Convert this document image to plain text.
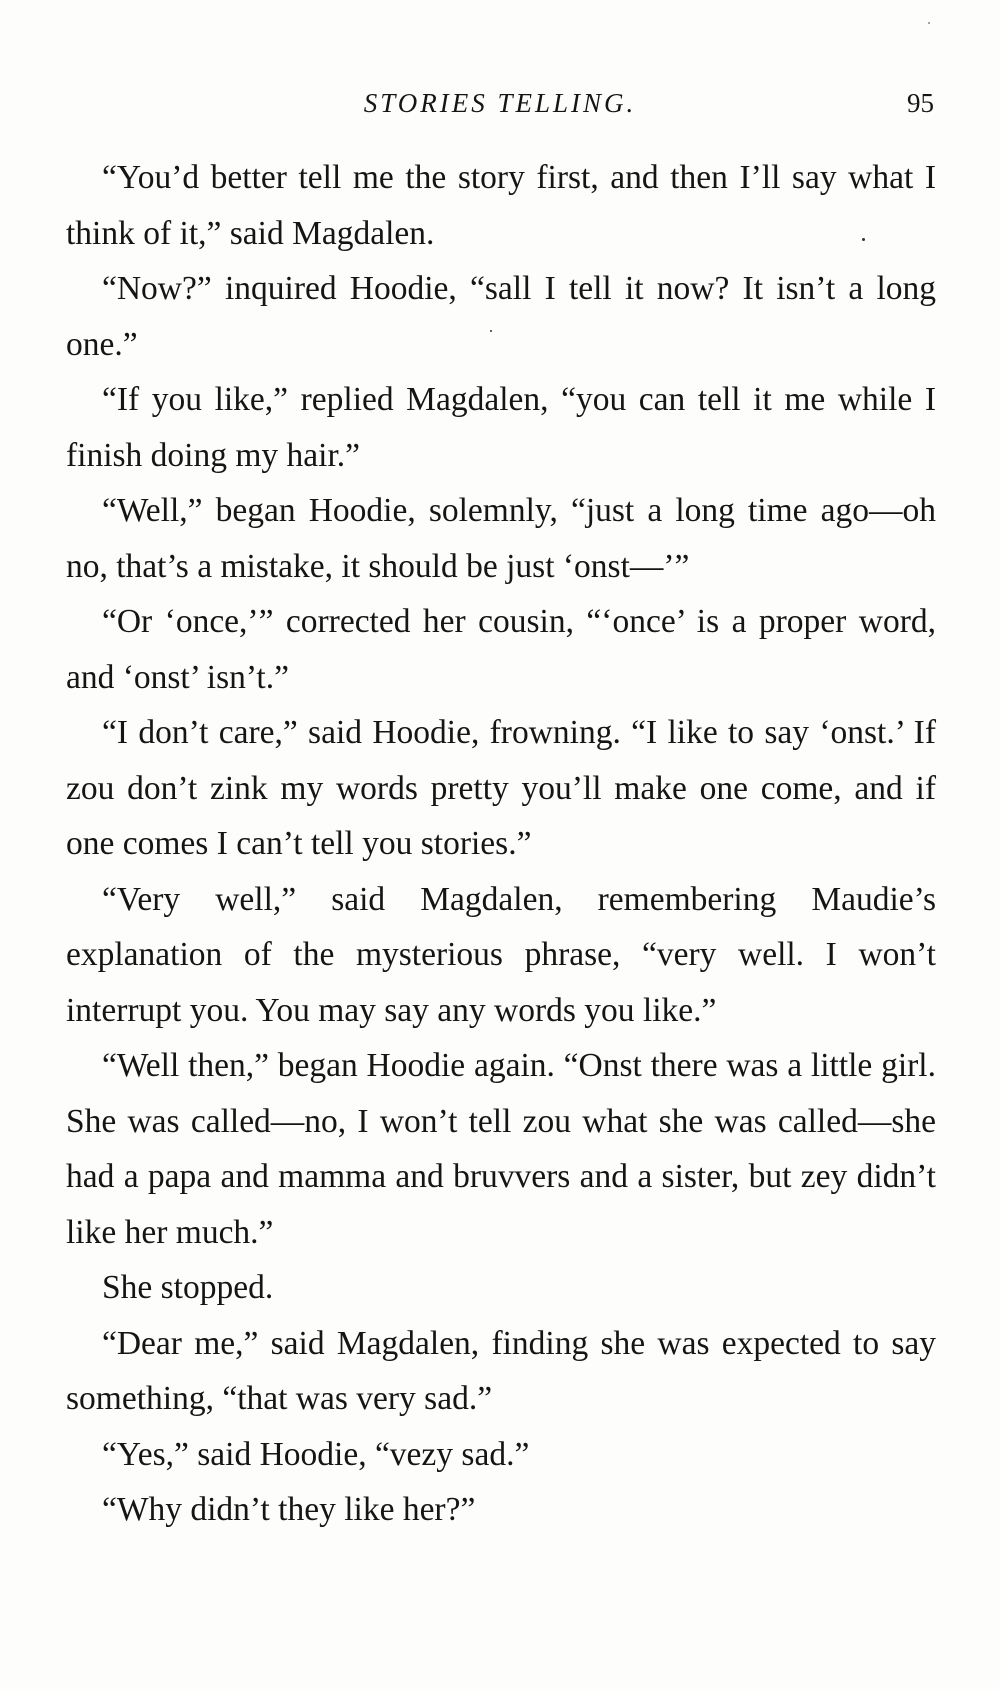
STORIES TELLING.	95

“You’d better tell me the story first, and then I’ll say what I think of it,” said Magdalen.

“Now?” inquired Hoodie, “sall I tell it now? It isn’t a long one.”

“If you like,” replied Magdalen, “you can tell it me while I finish doing my hair.”

“Well,” began Hoodie, solemnly, “just a long time ago—oh no, that’s a mistake, it should be just ‘onst—’”

“Or ‘once,’” corrected her cousin, “‘once’ is a proper word, and ‘onst’ isn’t.”

“I don’t care,” said Hoodie, frowning. “I like to say ‘onst.’ If zou don’t zink my words pretty you’ll make one come, and if one comes I can’t tell you stories.”

“Very well,” said Magdalen, remembering Maudie’s explanation of the mysterious phrase, “very well. I won’t interrupt you. You may say any words you like.”

“Well then,” began Hoodie again. “Onst there was a little girl. She was called—no, I won’t tell zou what she was called—she had a papa and mamma and bruvvers and a sister, but zey didn’t like her much.”

She stopped.

“Dear me,” said Magdalen, finding she was expected to say something, “that was very sad.”

“Yes,” said Hoodie, “vezy sad.”

“Why didn’t they like her?”
